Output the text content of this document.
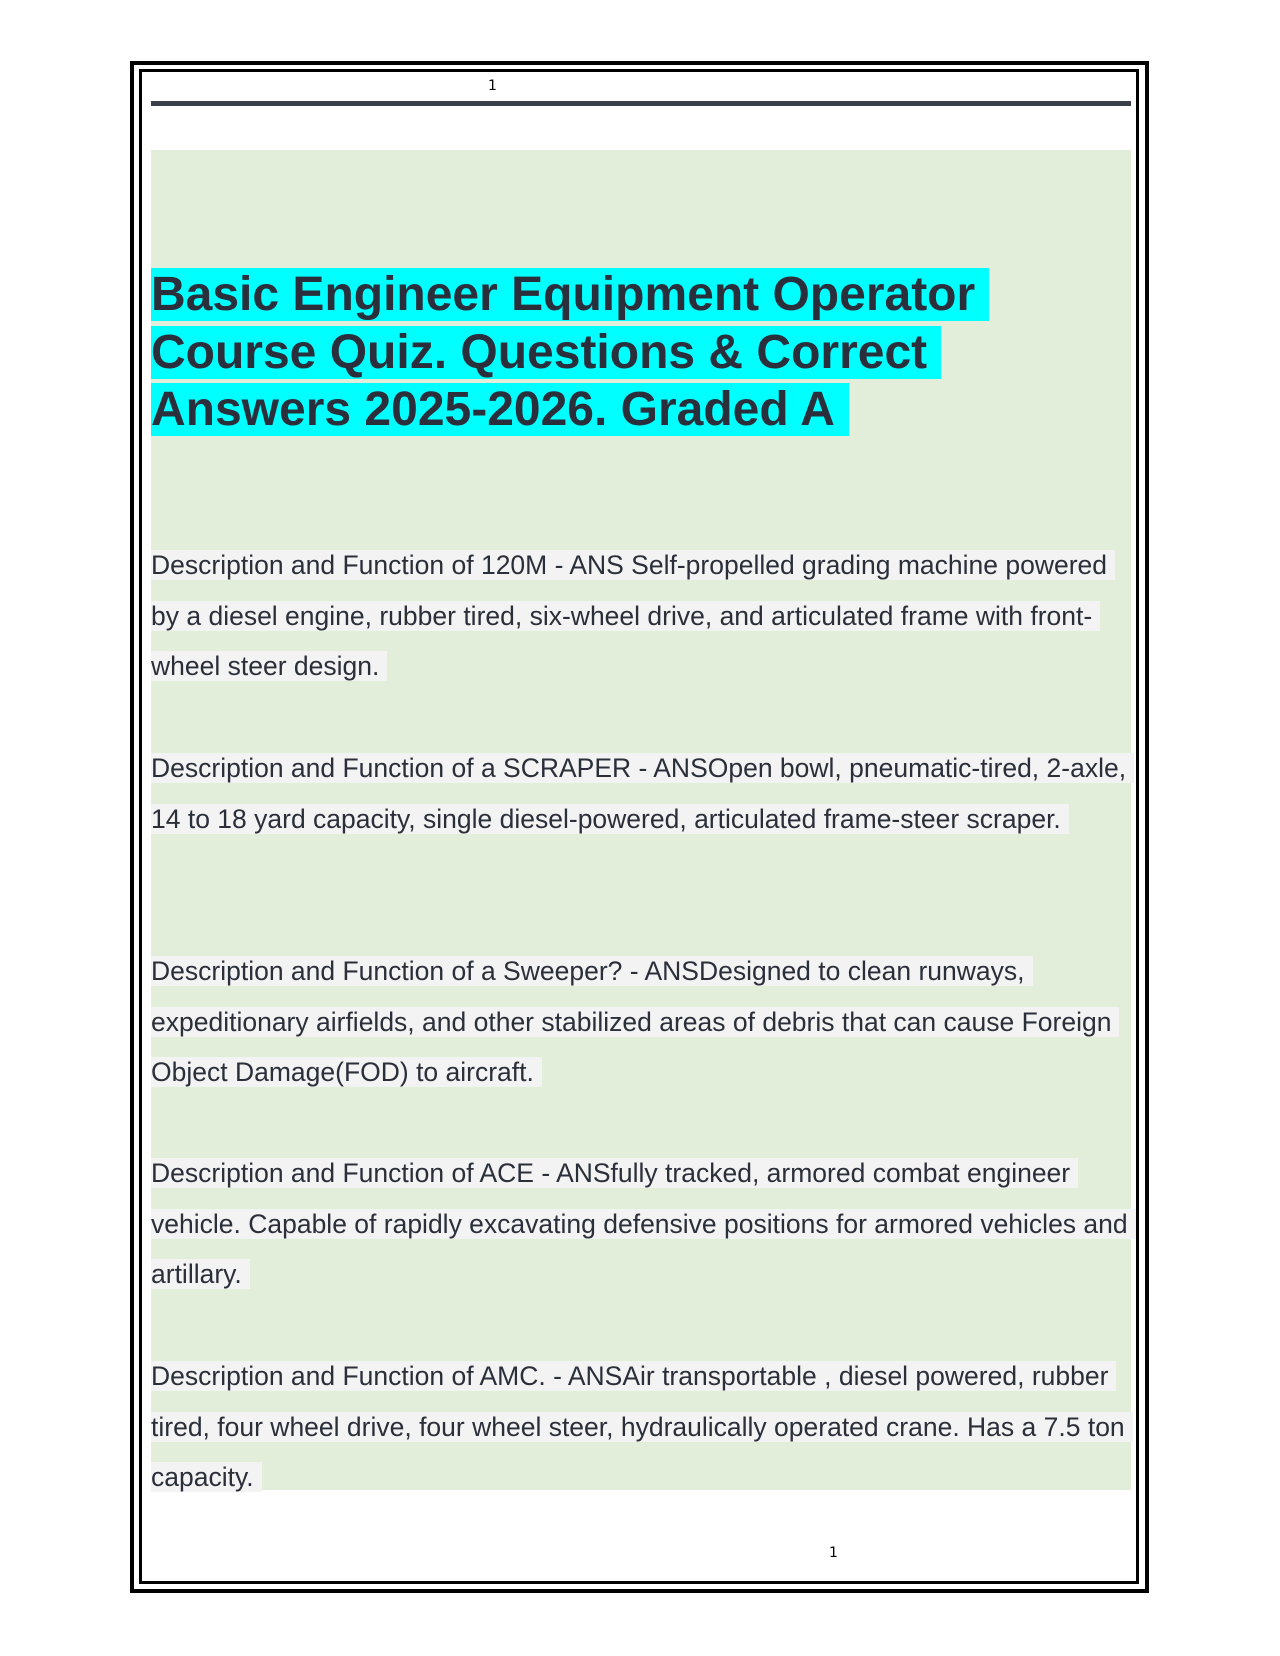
1
Basic Engineer Equipment Operator Course Quiz. Questions & Correct Answers 2025-2026. Graded A
Description and Function of 120M - ANS Self-propelled grading machine powered by a diesel engine, rubber tired, six-wheel drive, and articulated frame with front-wheel steer design.
Description and Function of a SCRAPER - ANSOpen bowl, pneumatic-tired, 2-axle, 14 to 18 yard capacity, single diesel-powered, articulated frame-steer scraper.
Description and Function of a Sweeper? - ANSDesigned to clean runways, expeditionary airfields, and other stabilized areas of debris that can cause Foreign Object Damage(FOD) to aircraft.
Description and Function of ACE - ANSfully tracked, armored combat engineer vehicle. Capable of rapidly excavating defensive positions for armored vehicles and artillary.
Description and Function of AMC. - ANSAir transportable , diesel powered, rubber tired, four wheel drive, four wheel steer, hydraulically operated crane. Has a 7.5 ton capacity.
1
